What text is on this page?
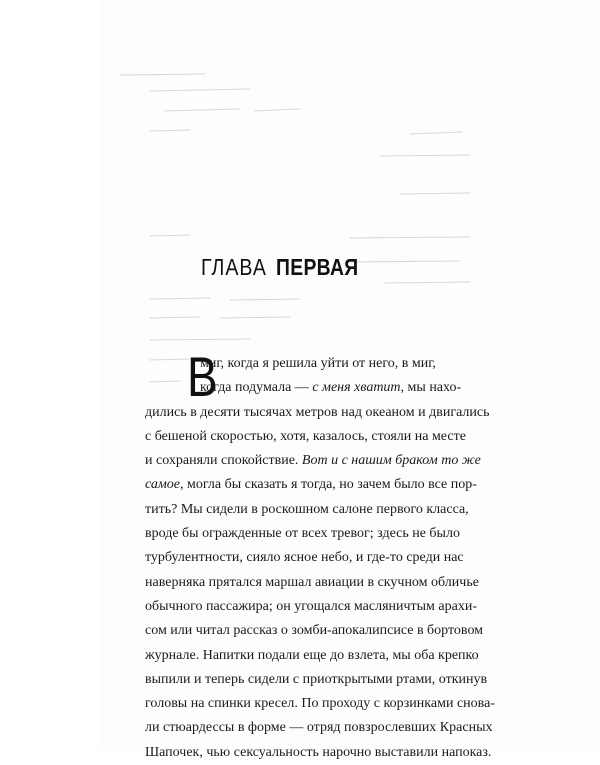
ГЛАВА ПЕРВАЯ
В
миг, когда я решила уйти от него, в миг,
когда подумала — с меня хватит, мы нахо-
дились в десяти тысячах метров над океаном и двигались
с бешеной скоростью, хотя, казалось, стояли на месте
и сохраняли спокойствие. Вот и с нашим браком то же
самое, могла бы сказать я тогда, но зачем было все пор-
тить? Мы сидели в роскошном салоне первого класса,
вроде бы огражденные от всех тревог; здесь не было
турбулентности, сияло ясное небо, и где-то среди нас
наверняка прятался маршал авиации в скучном обличье
обычного пассажира; он угощался масляничтым арахи-
сом или читал рассказ о зомби-апокалипсисе в бортовом
журнале. Напитки подали еще до взлета, мы оба крепко
выпили и теперь сидели с приоткрытыми ртами, откинув
головы на спинки кресел. По проходу с корзинками снова-
ли стюардессы в форме — отряд повзрослевших Красных
Шапочек, чью сексуальность нарочно выставили напоказ.
